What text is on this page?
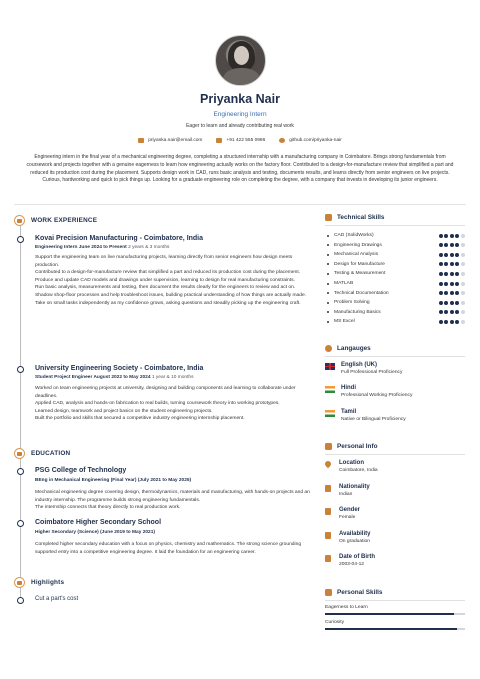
Priyanka Nair
Engineering Intern
Eager to learn and already contributing real work
priyanka.nair@email.com	+91 422 555 0986	github.com/priyanka-nair
Engineering intern in the final year of a mechanical engineering degree, completing a structured internship with a manufacturing company in Coimbatore. Brings strong fundamentals from coursework and projects together with a genuine eagerness to learn how engineering actually works on the factory floor. Contributed to a design-for-manufacture review that simplified a part and reduced its production cost during the placement. Supports design work in CAD, runs basic analysis and testing, documents results, and learns directly from senior engineers on live projects. Curious, hardworking and quick to pick things up. Looking for a graduate engineering role on completing the degree, with a company that invests in developing its junior engineers.
WORK EXPERIENCE
Kovai Precision Manufacturing - Coimbatore, India
Engineering Intern June 2024 to Present 2 years & 3 months
Support the engineering team on live manufacturing projects, learning directly from senior engineers how design meets production.
Contributed to a design-for-manufacture review that simplified a part and reduced its production cost during the placement.
Produce and update CAD models and drawings under supervision, learning to design for real manufacturing constraints.
Run basic analysis, measurements and testing, then document the results clearly for the engineers to review and act on.
Shadow shop-floor processes and help troubleshoot issues, building practical understanding of how things are actually made.
Take on small tasks independently as my confidence grows, asking questions and steadily picking up the engineering craft.
University Engineering Society - Coimbatore, India
Student Project Engineer August 2022 to May 2024 1 year & 10 months
Worked on team engineering projects at university, designing and building components and learning to collaborate under deadlines.
Applied CAD, analysis and hands-on fabrication to real builds, turning coursework theory into working prototypes.
Learned design, teamwork and project basics on the student engineering projects.
Built the portfolio and skills that secured a competitive industry engineering internship placement.
EDUCATION
PSG College of Technology
BEng in Mechanical Engineering (Final Year) (July 2021 to May 2025)
Mechanical engineering degree covering design, thermodynamics, materials and manufacturing, with hands-on projects and an industry internship. The programme builds strong engineering fundamentals.
The internship connects that theory directly to real production work.
Coimbatore Higher Secondary School
Higher Secondary (Science) (June 2019 to May 2021)
Completed higher secondary education with a focus on physics, chemistry and mathematics. The strong science grounding supported entry into a competitive engineering degree. It laid the foundation for an engineering career.
Highlights
Cut a part's cost
Technical Skills
CAD (SolidWorks)
Engineering Drawings
Mechanical Analysis
Design for Manufacture
Testing & Measurement
MATLAB
Technical Documentation
Problem Solving
Manufacturing Basics
MS Excel
Langauges
English (UK)
Full Professional Proficiency
Hindi
Professional Working Proficiency
Tamil
Native or Bilingual Proficiency
Personal Info
Location
Coimbatore, India
Nationality
Indian
Gender
Female
Availability
On graduation
Date of Birth
2003-04-12
Personal Skills
Eagerness to Learn
Curiosity
